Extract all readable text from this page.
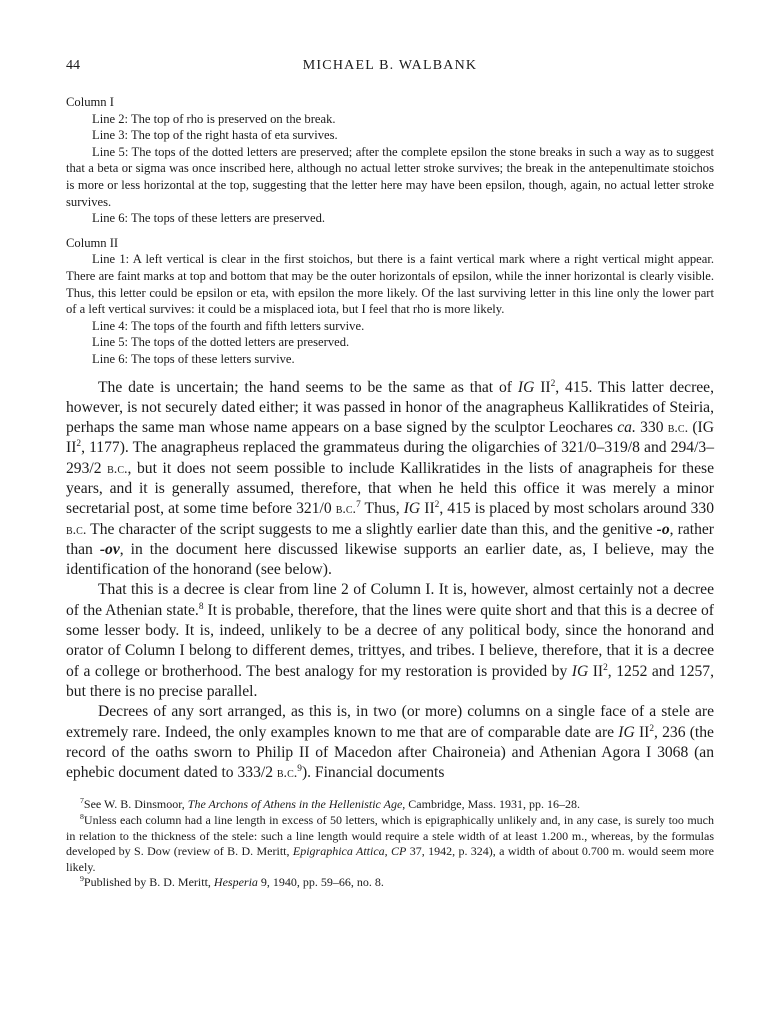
44	MICHAEL B. WALBANK

Column I

Line 2: The top of rho is preserved on the break.

Line 3: The top of the right hasta of eta survives.

Line 5: The tops of the dotted letters are preserved; after the complete epsilon the stone breaks in such a way as to suggest that a beta or sigma was once inscribed here, although no actual letter stroke survives; the break in the antepenultimate stoichos is more or less horizontal at the top, suggesting that the letter here may have been epsilon, though, again, no actual letter stroke survives.

Line 6: The tops of these letters are preserved.

Column II

Line 1: A left vertical is clear in the first stoichos, but there is a faint vertical mark where a right vertical might appear. There are faint marks at top and bottom that may be the outer horizontals of epsilon, while the inner horizontal is clearly visible. Thus, this letter could be epsilon or eta, with epsilon the more likely. Of the last surviving letter in this line only the lower part of a left vertical survives: it could be a misplaced iota, but I feel that rho is more likely.

Line 4: The tops of the fourth and fifth letters survive.

Line 5: The tops of the dotted letters are preserved.

Line 6: The tops of these letters survive.

The date is uncertain; the hand seems to be the same as that of IG $II^2$, 415. This latter decree, however, is not securely dated either; it was passed in honor of the anagrapheus Kallikratides of Steiria, perhaps the same man whose name appears on a base signed by the sculptor Leochares ca. 330 b.c. (IG $II^2$, 1177). The anagrapheus replaced the grammateus during the oligarchies of 321/0–319/8 and 294/3–293/2 b.c., but it does not seem possible to include Kallikratides in the lists of anagrapheis for these years, and it is generally assumed, therefore, that when he held this office it was merely a minor secretarial post, at some time before 321/0 b.c.$^7$ Thus, IG $II^2$, 415 is placed by most scholars around 330 b.c. The character of the script suggests to me a slightly earlier date than this, and the genitive -o, rather than -ov, in the document here discussed likewise supports an earlier date, as, I believe, may the identification of the honorand (see below).

That this is a decree is clear from line 2 of Column I. It is, however, almost certainly not a decree of the Athenian state.$^8$ It is probable, therefore, that the lines were quite short and that this is a decree of some lesser body. It is, indeed, unlikely to be a decree of any political body, since the honorand and orator of Column I belong to different demes, trittyes, and tribes. I believe, therefore, that it is a decree of a college or brotherhood. The best analogy for my restoration is provided by IG $II^2$, 1252 and 1257, but there is no precise parallel.

Decrees of any sort arranged, as this is, in two (or more) columns on a single face of a stele are extremely rare. Indeed, the only examples known to me that are of comparable date are IG $II^2$, 236 (the record of the oaths sworn to Philip II of Macedon after Chaironeia) and Athenian Agora I 3068 (an ephebic document dated to 333/2 b.c.$^9$). Financial documents

$^7$See W. B. Dinsmoor, The Archons of Athens in the Hellenistic Age, Cambridge, Mass. 1931, pp. 16–28.

$^8$Unless each column had a line length in excess of 50 letters, which is epigraphically unlikely and, in any case, is surely too much in relation to the thickness of the stele: such a line length would require a stele width of at least 1.200 m., whereas, by the formulas developed by S. Dow (review of B. D. Meritt, Epigraphica Attica, CP 37, 1942, p. 324), a width of about 0.700 m. would seem more likely.

$^9$Published by B. D. Meritt, Hesperia 9, 1940, pp. 59–66, no. 8.
